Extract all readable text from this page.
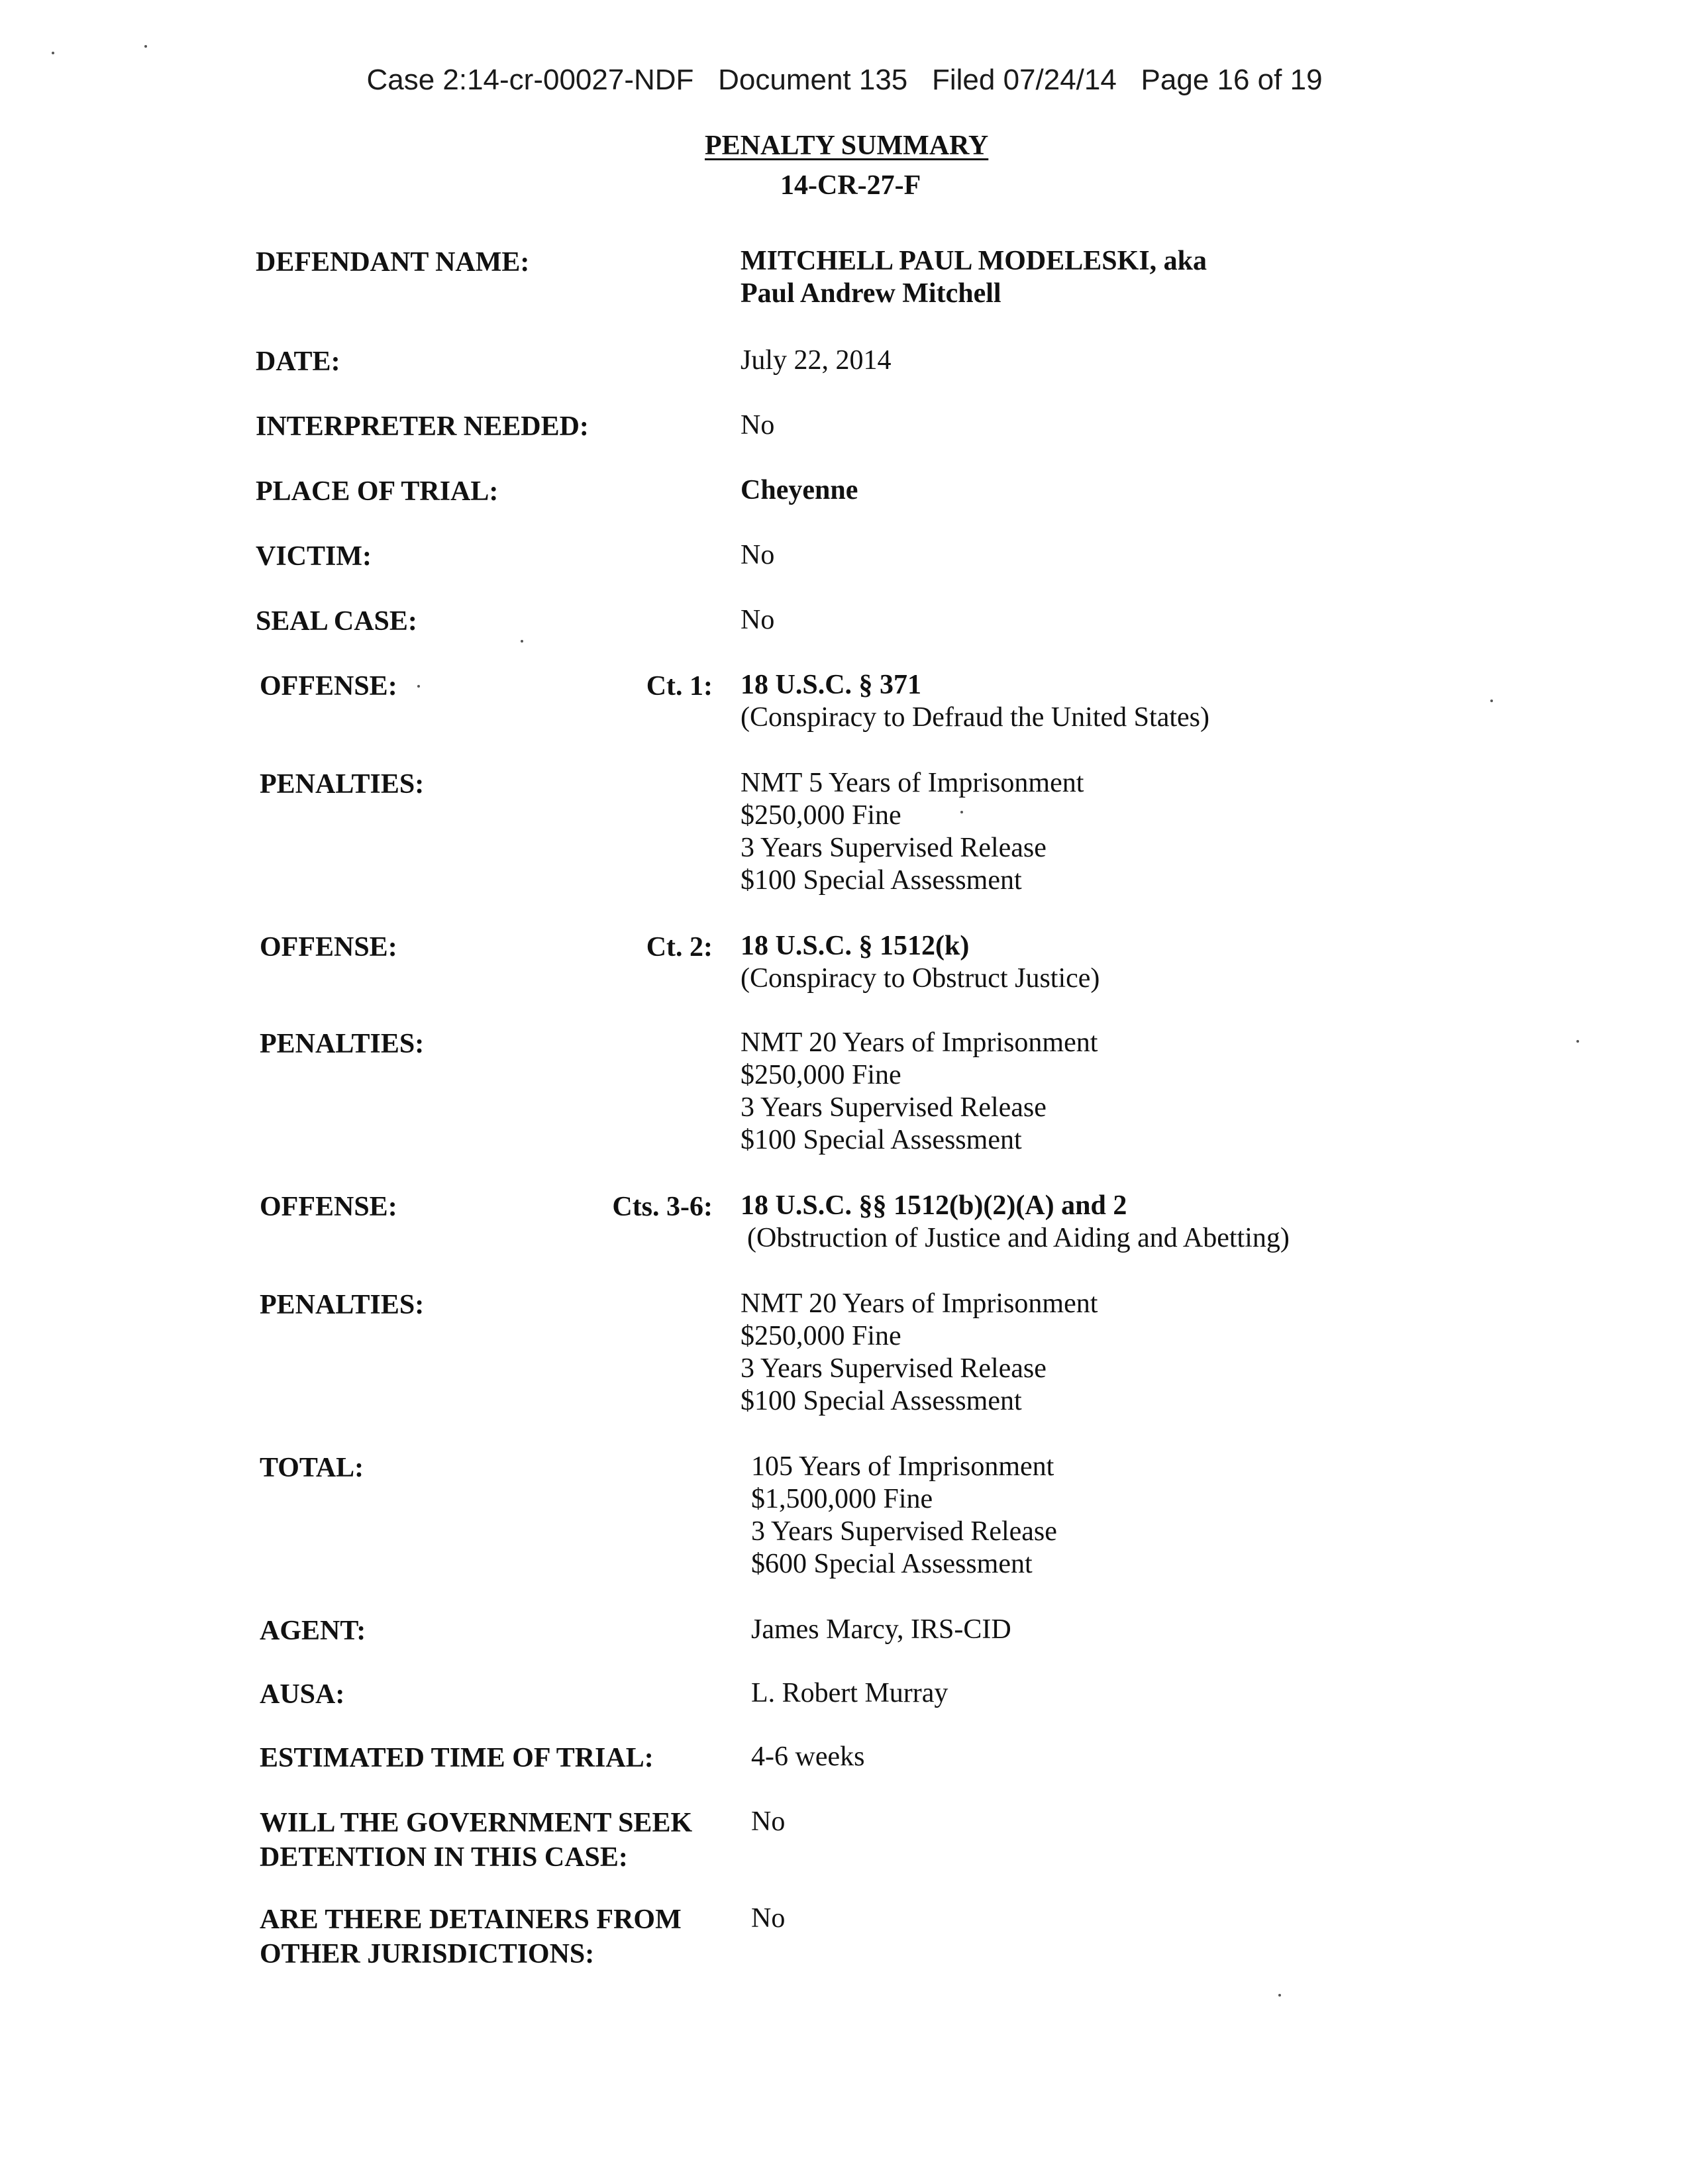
Case 2:14-cr-00027-NDF Document 135 Filed 07/24/14 Page 16 of 19
PENALTY SUMMARY
14-CR-27-F
DEFENDANT NAME:	MITCHELL PAUL MODELESKI, aka
Paul Andrew Mitchell
DATE:	July 22, 2014
INTERPRETER NEEDED:	No
PLACE OF TRIAL:	Cheyenne
VICTIM:	No
SEAL CASE:	No
OFFENSE:	Ct. 1: 18 U.S.C. § 371
(Conspiracy to Defraud the United States)
PENALTIES:	NMT 5 Years of Imprisonment
$250,000 Fine
3 Years Supervised Release
$100 Special Assessment
OFFENSE:	Ct. 2: 18 U.S.C. § 1512(k)
(Conspiracy to Obstruct Justice)
PENALTIES:	NMT 20 Years of Imprisonment
$250,000 Fine
3 Years Supervised Release
$100 Special Assessment
OFFENSE:	Cts. 3-6: 18 U.S.C. §§ 1512(b)(2)(A) and 2
(Obstruction of Justice and Aiding and Abetting)
PENALTIES:	NMT 20 Years of Imprisonment
$250,000 Fine
3 Years Supervised Release
$100 Special Assessment
TOTAL:	105 Years of Imprisonment
$1,500,000 Fine
3 Years Supervised Release
$600 Special Assessment
AGENT:	James Marcy, IRS-CID
AUSA:	L. Robert Murray
ESTIMATED TIME OF TRIAL:	4-6 weeks
WILL THE GOVERNMENT SEEK
DETENTION IN THIS CASE:
No
ARE THERE DETAINERS FROM
OTHER JURISDICTIONS:
No
